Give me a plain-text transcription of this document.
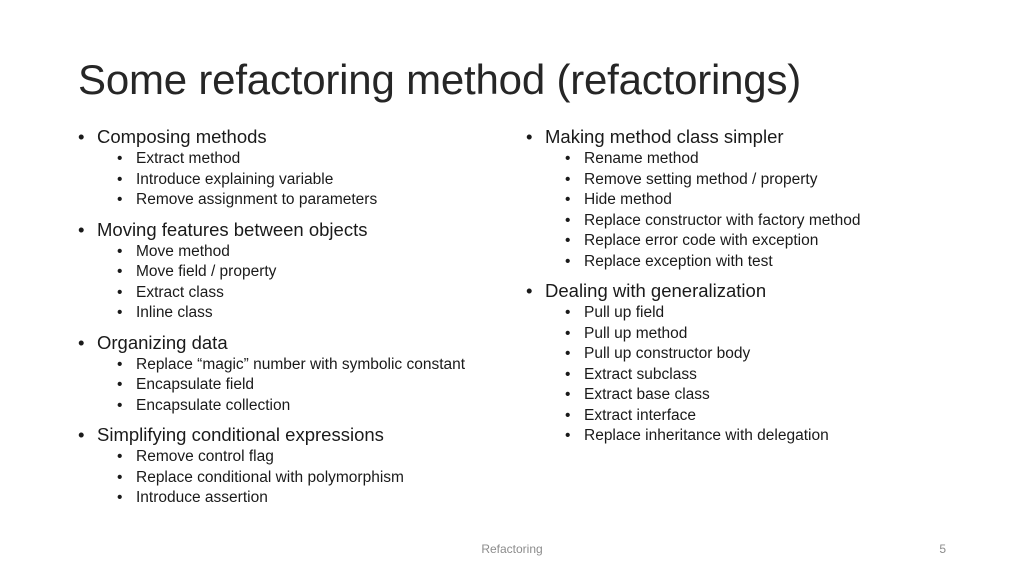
Some refactoring method (refactorings)
• Composing methods
• Extract method
• Introduce explaining variable
• Remove assignment to parameters
• Moving features between objects
• Move method
• Move field / property
• Extract class
• Inline class
• Organizing data
• Replace “magic” number with symbolic constant
• Encapsulate field
• Encapsulate collection
• Simplifying conditional expressions
• Remove control flag
• Replace conditional with polymorphism
• Introduce assertion
• Making method class simpler
• Rename method
• Remove setting method / property
• Hide method
• Replace constructor with factory method
• Replace error code with exception
• Replace exception with test
• Dealing with generalization
• Pull up field
• Pull up method
• Pull up constructor body
• Extract subclass
• Extract base class
• Extract interface
• Replace inheritance with delegation
Refactoring	5
